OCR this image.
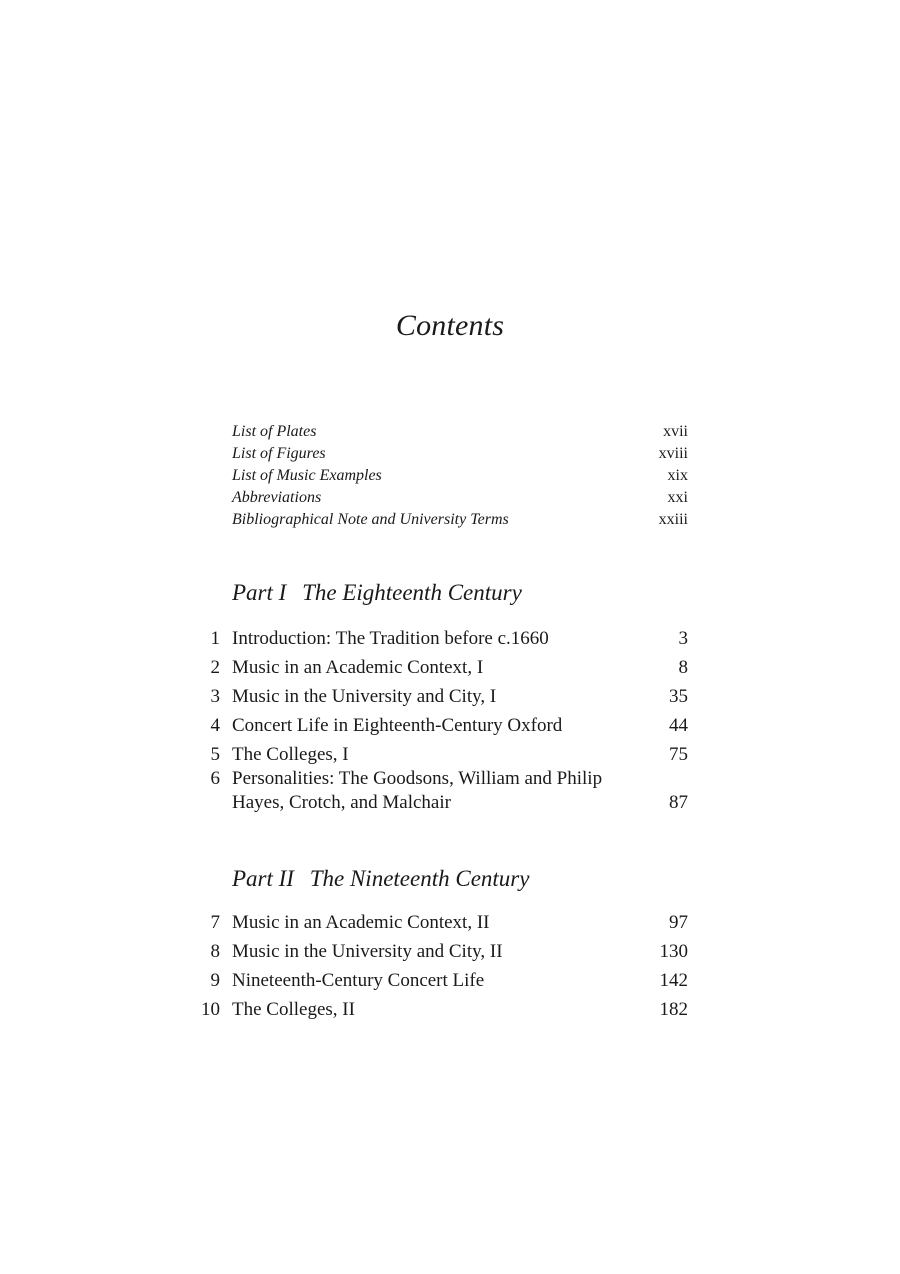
Contents
List of Plates	xvii
List of Figures	xviii
List of Music Examples	xix
Abbreviations	xxi
Bibliographical Note and University Terms	xxiii
Part I The Eighteenth Century
1 Introduction: The Tradition before c.1660	3
2 Music in an Academic Context, I	8
3 Music in the University and City, I	35
4 Concert Life in Eighteenth-Century Oxford	44
5 The Colleges, I	75
6 Personalities: The Goodsons, William and Philip Hayes, Crotch, and Malchair	87
Part II The Nineteenth Century
7 Music in an Academic Context, II	97
8 Music in the University and City, II	130
9 Nineteenth-Century Concert Life	142
10 The Colleges, II	182
